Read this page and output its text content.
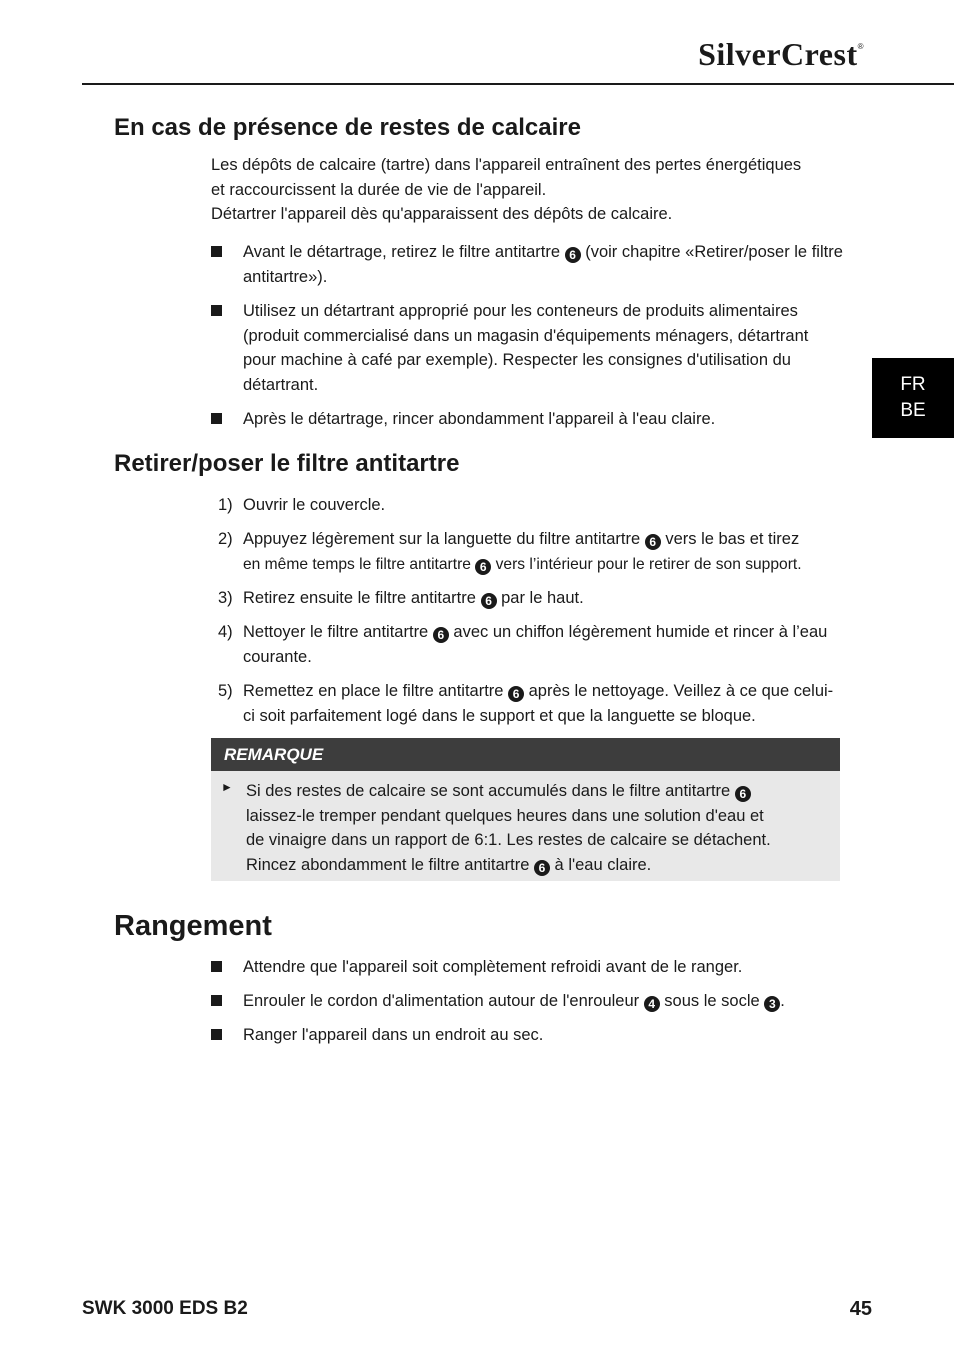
SilverCrest®
FR
BE
En cas de présence de restes de calcaire

Les dépôts de calcaire (tartre) dans l'appareil entraînent des pertes énergétiques
et raccourcissent la durée de vie de l'appareil.
Détartrer l'appareil dès qu'apparaissent des dépôts de calcaire.

Avant le détartrage, retirez le filtre antitartre 6 (voir chapitre «Retirer/poser le filtre antitartre»).
Utilisez un détartrant approprié pour les conteneurs de produits alimentaires (produit commercialisé dans un magasin d'équipements ménagers, détartrant pour machine à café par exemple). Respecter les consignes d'utilisation du détartrant.
Après le détartrage, rincer abondamment l'appareil à l'eau claire.
Retirer/poser le filtre antitartre
1) Ouvrir le couvercle.
2) Appuyez légèrement sur la languette du filtre antitartre 6 vers le bas et tirez
en même temps le filtre antitartre 6 vers l’intérieur pour le retirer de son support.
3) Retirez ensuite le filtre antitartre 6 par le haut.
4) Nettoyer le filtre antitartre 6 avec un chiffon légèrement humide et rincer à l’eau courante.
5) Remettez en place le filtre antitartre 6 après le nettoyage. Veillez à ce que celui-ci soit parfaitement logé dans le support et que la languette se bloque.
REMARQUE
► Si des restes de calcaire se sont accumulés dans le filtre antitartre 6
laissez-le tremper pendant quelques heures dans une solution d'eau et
de vinaigre dans un rapport de 6:1. Les restes de calcaire se détachent.
Rincez abondamment le filtre antitartre 6 à l'eau claire.
Rangement
Attendre que l'appareil soit complètement refroidi avant de le ranger.
Enrouler le cordon d'alimentation autour de l'enrouleur 4 sous le socle 3 .
Ranger l'appareil dans un endroit au sec.
SWK 3000 EDS B2	45
